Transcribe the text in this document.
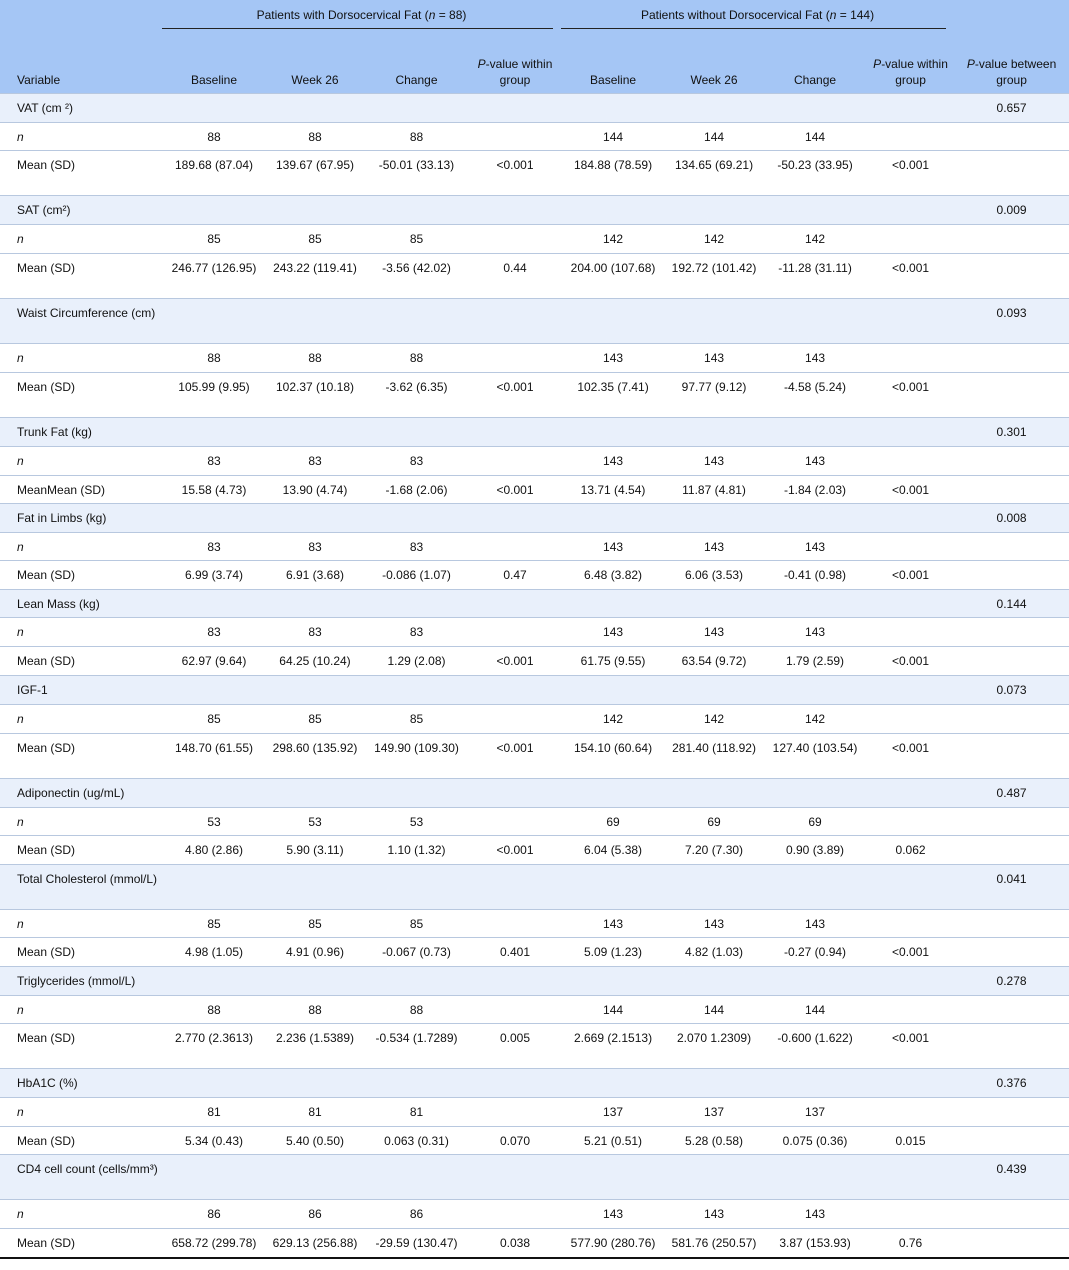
	Patients with Dorsocervical Fat (n = 88)				Patients without Dorsocervical Fat (n = 144)			

Variable	Baseline	Week 26	Change	P-value within group	Baseline	Week 26	Change	P-value within group	P-value between group
VAT (cm ²)									0.657
n	88	88	88		144	144	144		
Mean (SD)	189.68 (87.04)	139.67 (67.95)	-50.01 (33.13)	<0.001	184.88 (78.59)	134.65 (69.21)	-50.23 (33.95)	<0.001	
SAT (cm²)									0.009
n	85	85	85		142	142	142		
Mean (SD)	246.77 (126.95)	243.22 (119.41)	-3.56 (42.02)	0.44	204.00 (107.68)	192.72 (101.42)	-11.28 (31.11)	<0.001	
Waist Circumference (cm)									0.093
n	88	88	88		143	143	143		
Mean (SD)	105.99 (9.95)	102.37 (10.18)	-3.62 (6.35)	<0.001	102.35 (7.41)	97.77 (9.12)	-4.58 (5.24)	<0.001	
Trunk Fat (kg)									0.301
n	83	83	83		143	143	143		
MeanMean (SD)	15.58 (4.73)	13.90 (4.74)	-1.68 (2.06)	<0.001	13.71 (4.54)	11.87 (4.81)	-1.84 (2.03)	<0.001	
Fat in Limbs (kg)									0.008
n	83	83	83		143	143	143		
Mean (SD)	6.99 (3.74)	6.91 (3.68)	-0.086 (1.07)	0.47	6.48 (3.82)	6.06 (3.53)	-0.41 (0.98)	<0.001	
Lean Mass (kg)									0.144
n	83	83	83		143	143	143		
Mean (SD)	62.97 (9.64)	64.25 (10.24)	1.29 (2.08)	<0.001	61.75 (9.55)	63.54 (9.72)	1.79 (2.59)	<0.001	
IGF-1									0.073
n	85	85	85		142	142	142		
Mean (SD)	148.70 (61.55)	298.60 (135.92)	149.90 (109.30)	<0.001	154.10 (60.64)	281.40 (118.92)	127.40 (103.54)	<0.001	
Adiponectin (ug/mL)									0.487
n	53	53	53		69	69	69		
Mean (SD)	4.80 (2.86)	5.90 (3.11)	1.10 (1.32)	<0.001	6.04 (5.38)	7.20 (7.30)	0.90 (3.89)	0.062	
Total Cholesterol (mmol/L)									0.041
n	85	85	85		143	143	143		
Mean (SD)	4.98 (1.05)	4.91 (0.96)	-0.067 (0.73)	0.401	5.09 (1.23)	4.82 (1.03)	-0.27 (0.94)	<0.001	
Triglycerides (mmol/L)									0.278
n	88	88	88		144	144	144		
Mean (SD)	2.770 (2.3613)	2.236 (1.5389)	-0.534 (1.7289)	0.005	2.669 (2.1513)	2.070 1.2309)	-0.600 (1.622)	<0.001	
HbA1C (%)									0.376
n	81	81	81		137	137	137		
Mean (SD)	5.34 (0.43)	5.40 (0.50)	0.063 (0.31)	0.070	5.21 (0.51)	5.28 (0.58)	0.075 (0.36)	0.015	
CD4 cell count (cells/mm³)									0.439
n	86	86	86		143	143	143		
Mean (SD)	658.72 (299.78)	629.13 (256.88)	-29.59 (130.47)	0.038	577.90 (280.76)	581.76 (250.57)	3.87 (153.93)	0.76	
